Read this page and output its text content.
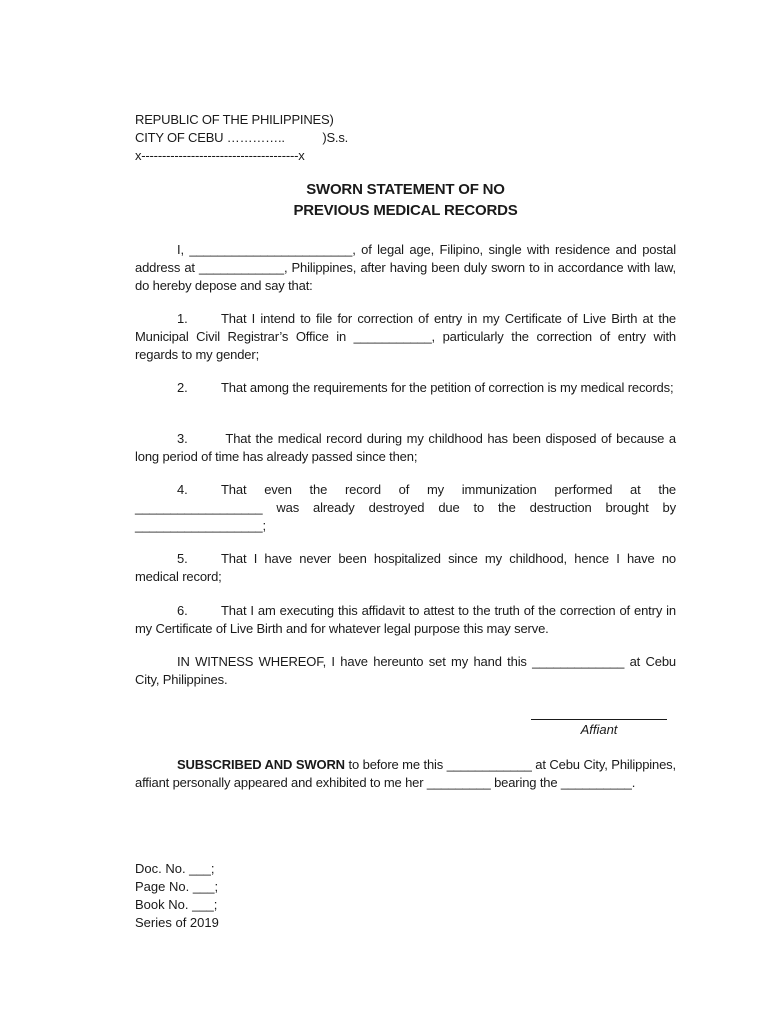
REPUBLIC OF THE PHILIPPINES)
CITY OF CEBU …………..           )S.s.
x--------------------------------------x
SWORN STATEMENT OF NO
PREVIOUS MEDICAL RECORDS

I, _______________________, of legal age, Filipino, single with residence and postal address at ____________, Philippines, after having been duly sworn to in accordance with law, do hereby depose and say that:

1.	That I intend to file for correction of entry in my Certificate of Live Birth at the Municipal Civil Registrar’s Office in ___________, particularly the correction of entry with regards to my gender;

2.	That among the requirements for the petition of correction is my medical records;

3.	That the medical record during my childhood has been disposed of because a long period of time has already passed since then;

4.	That even the record of my immunization performed at the __________________ was already destroyed due to the destruction brought by __________________;

5.	That I have never been hospitalized since my childhood, hence I have no medical record;

6.	That I am executing this affidavit to attest to the truth of the correction of entry in my Certificate of Live Birth and for whatever legal purpose this may serve.

IN WITNESS WHEREOF, I have hereunto set my hand this _____________ at Cebu City, Philippines.

Affiant

SUBSCRIBED AND SWORN to before me this ____________ at Cebu City, Philippines, affiant personally appeared and exhibited to me her _________ bearing the __________.

Doc. No. ___;
Page No. ___;
Book No. ___;
Series of 2019
